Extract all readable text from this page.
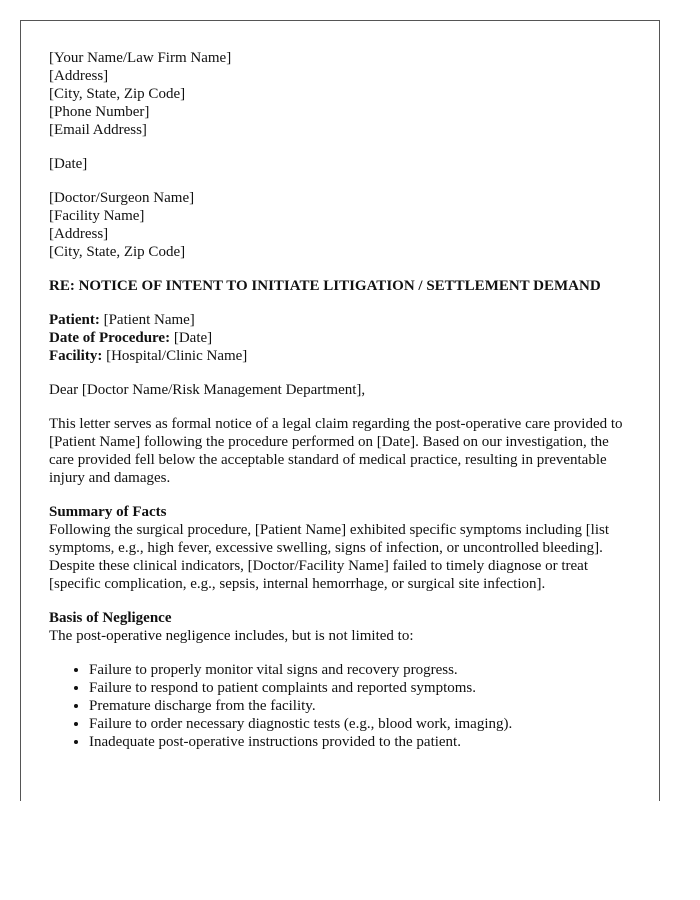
[Your Name/Law Firm Name]
[Address]
[City, State, Zip Code]
[Phone Number]
[Email Address]
[Date]
[Doctor/Surgeon Name]
[Facility Name]
[Address]
[City, State, Zip Code]
RE: NOTICE OF INTENT TO INITIATE LITIGATION / SETTLEMENT DEMAND
Patient: [Patient Name]
Date of Procedure: [Date]
Facility: [Hospital/Clinic Name]

Dear [Doctor Name/Risk Management Department],

This letter serves as formal notice of a legal claim regarding the post-operative care provided to [Patient Name] following the procedure performed on [Date]. Based on our investigation, the care provided fell below the acceptable standard of medical practice, resulting in preventable injury and damages.

Summary of Facts
Following the surgical procedure, [Patient Name] exhibited specific symptoms including [list symptoms, e.g., high fever, excessive swelling, signs of infection, or uncontrolled bleeding]. Despite these clinical indicators, [Doctor/Facility Name] failed to timely diagnose or treat [specific complication, e.g., sepsis, internal hemorrhage, or surgical site infection].
Basis of Negligence
The post-operative negligence includes, but is not limited to:
• Failure to properly monitor vital signs and recovery progress.
• Failure to respond to patient complaints and reported symptoms.
• Premature discharge from the facility.
• Failure to order necessary diagnostic tests (e.g., blood work, imaging).
• Inadequate post-operative instructions provided to the patient.
